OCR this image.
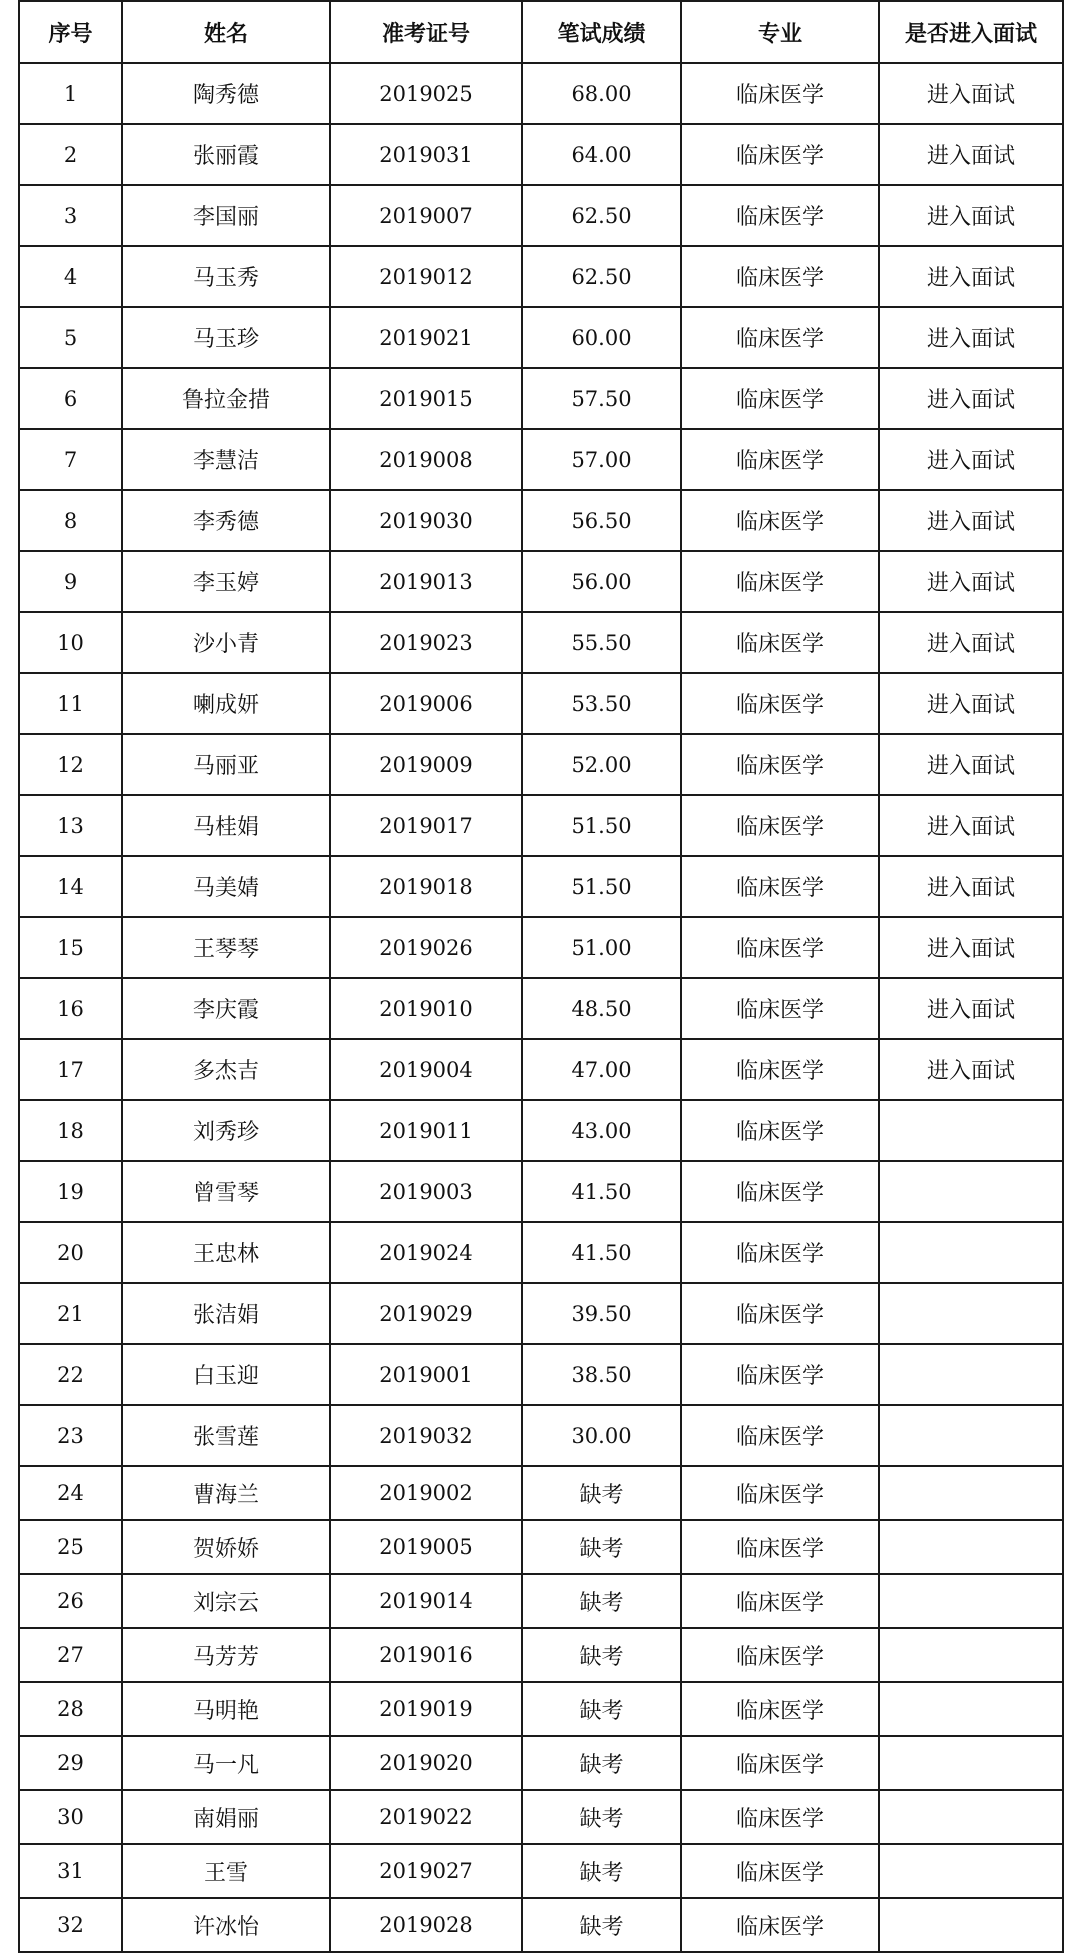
序号	姓名	准考证号	笔试成绩	专业	是否进入面试
1	陶秀德	2019025	68.00	临床医学	进入面试
2	张丽霞	2019031	64.00	临床医学	进入面试
3	李国丽	2019007	62.50	临床医学	进入面试
4	马玉秀	2019012	62.50	临床医学	进入面试
5	马玉珍	2019021	60.00	临床医学	进入面试
6	鲁拉金措	2019015	57.50	临床医学	进入面试
7	李慧洁	2019008	57.00	临床医学	进入面试
8	李秀德	2019030	56.50	临床医学	进入面试
9	李玉婷	2019013	56.00	临床医学	进入面试
10	沙小青	2019023	55.50	临床医学	进入面试
11	喇成妍	2019006	53.50	临床医学	进入面试
12	马丽亚	2019009	52.00	临床医学	进入面试
13	马桂娟	2019017	51.50	临床医学	进入面试
14	马美婧	2019018	51.50	临床医学	进入面试
15	王琴琴	2019026	51.00	临床医学	进入面试
16	李庆霞	2019010	48.50	临床医学	进入面试
17	多杰吉	2019004	47.00	临床医学	进入面试
18	刘秀珍	2019011	43.00	临床医学	
19	曾雪琴	2019003	41.50	临床医学	
20	王忠林	2019024	41.50	临床医学	
21	张洁娟	2019029	39.50	临床医学	
22	白玉迎	2019001	38.50	临床医学	
23	张雪莲	2019032	30.00	临床医学	
24	曹海兰	2019002	缺考	临床医学	
25	贺娇娇	2019005	缺考	临床医学	
26	刘宗云	2019014	缺考	临床医学	
27	马芳芳	2019016	缺考	临床医学	
28	马明艳	2019019	缺考	临床医学	
29	马一凡	2019020	缺考	临床医学	
30	南娟丽	2019022	缺考	临床医学	
31	王雪	2019027	缺考	临床医学	
32	许冰怡	2019028	缺考	临床医学	
